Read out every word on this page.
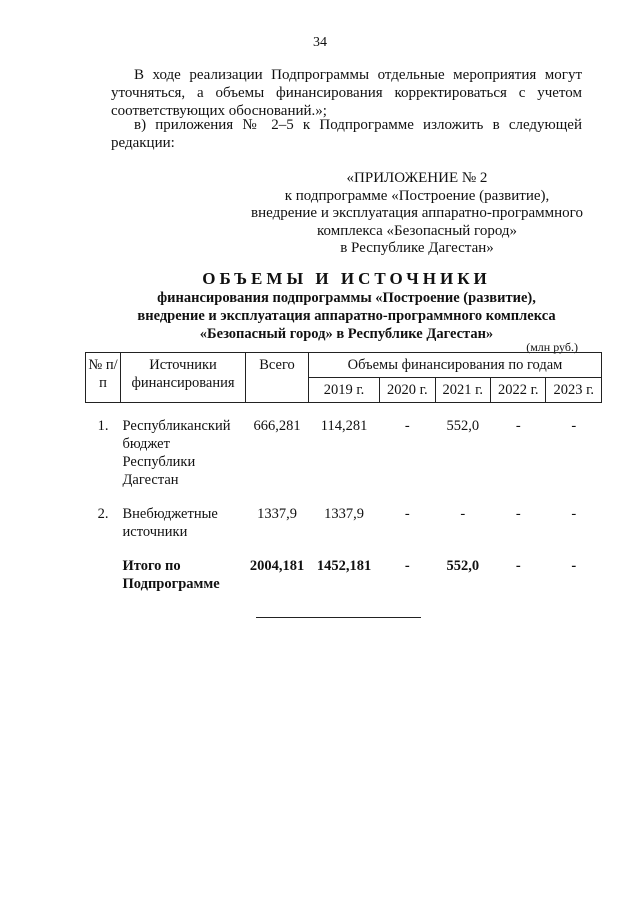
34
В ходе реализации Подпрограммы отдельные мероприятия могут уточняться, а объемы финансирования корректироваться с учетом соответствующих обоснований.»;
в) приложения № 2–5 к Подпрограмме изложить в следующей редакции:
«ПРИЛОЖЕНИЕ № 2
к подпрограмме «Построение (развитие),
внедрение и эксплуатация аппаратно-программного
комплекса «Безопасный город»
в Республике Дагестан»
ОБЪЕМЫ И ИСТОЧНИКИ
финансирования подпрограммы «Построение (развитие),
внедрение и эксплуатация аппаратно-программного комплекса
«Безопасный город» в Республике Дагестан»
(млн руб.)
№ п/п	Источники финансирования	Всего	Объемы финансирования по годам				
			2019 г.	2020 г.	2021 г.	2022 г.	2023 г.

1.	Республиканский бюджет Республики Дагестан	666,281	114,281	-	552,0	-	-
2.	Внебюджетные источники	1337,9	1337,9	-	-	-	-
	Итого по Подпрограмме	2004,181	1452,181	-	552,0	-	-
